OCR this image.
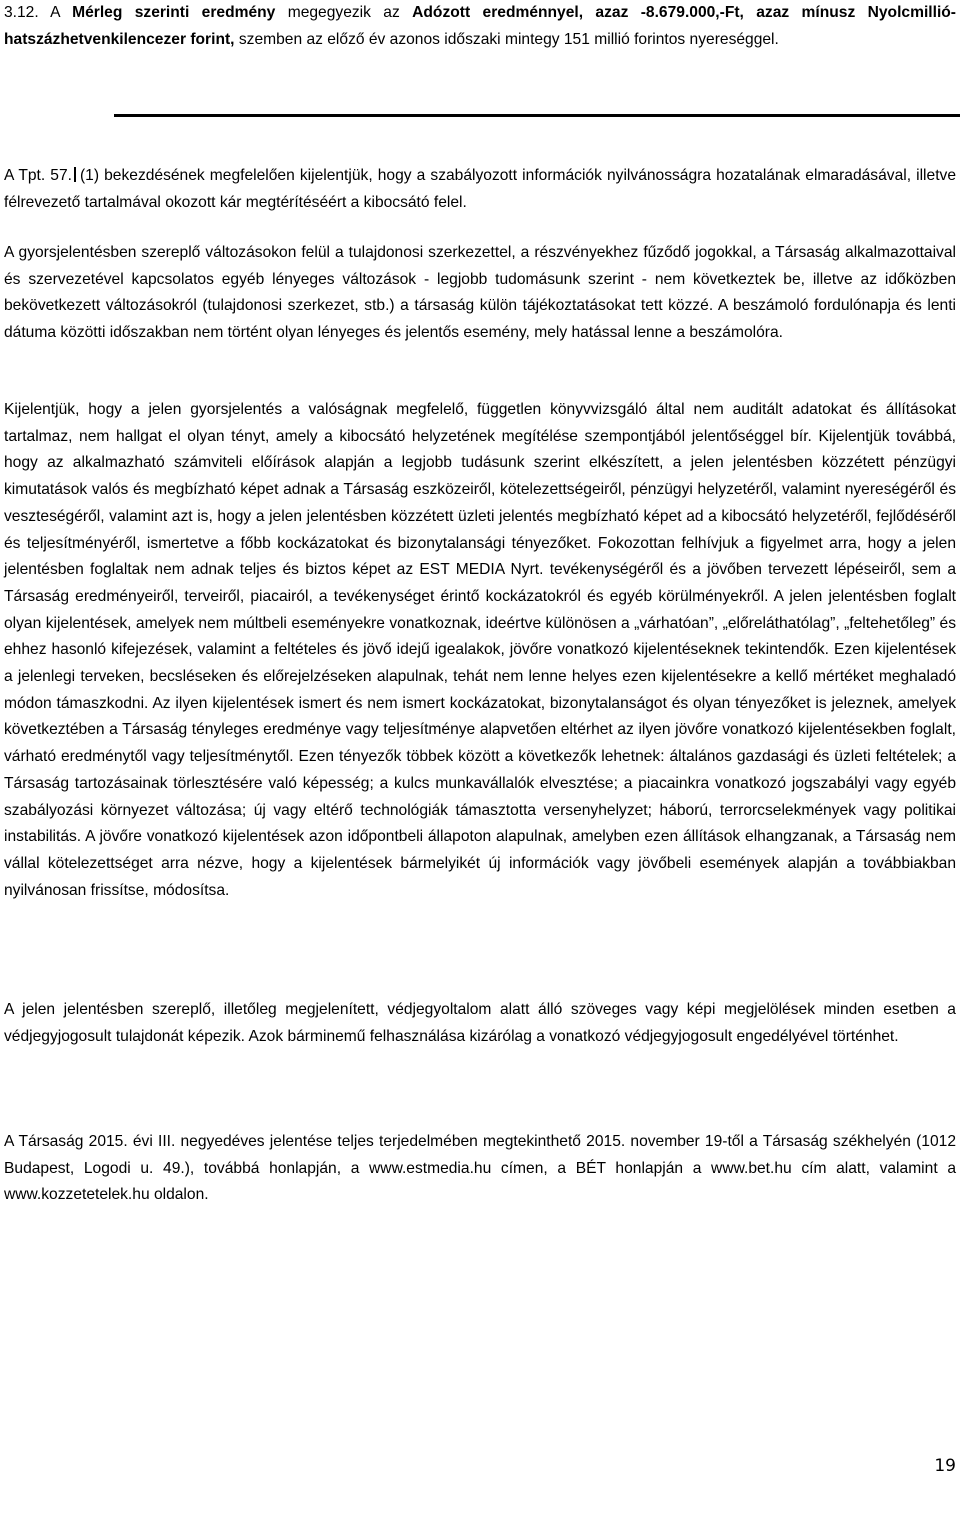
3.12. A Mérleg szerinti eredmény megegyezik az Adózott eredménnyel, azaz -8.679.000,-Ft, azaz mínusz Nyolcmillió-hatszázhetvenkilencezer forint, szemben az előző év azonos időszaki mintegy 151 millió forintos nyereséggel.

A Tpt. 57. (1) bekezdésének megfelelően kijelentjük, hogy a szabályozott információk nyilvánosságra hozatalának elmaradásával, illetve félrevezető tartalmával okozott kár megtérítéséért a kibocsátó felel.

A gyorsjelentésben szereplő változásokon felül a tulajdonosi szerkezettel, a részvényekhez fűződő jogokkal, a Társaság alkalmazottaival és szervezetével kapcsolatos egyéb lényeges változások - legjobb tudomásunk szerint - nem következtek be, illetve az időközben bekövetkezett változásokról (tulajdonosi szerkezet, stb.) a társaság külön tájékoztatásokat tett közzé. A beszámoló fordulónapja és lenti dátuma közötti időszakban nem történt olyan lényeges és jelentős esemény, mely hatással lenne a beszámolóra.

Kijelentjük, hogy a jelen gyorsjelentés a valóságnak megfelelő, független könyvvizsgáló által nem auditált adatokat és állításokat tartalmaz, nem hallgat el olyan tényt, amely a kibocsátó helyzetének megítélése szempontjából jelentőséggel bír. Kijelentjük továbbá, hogy az alkalmazható számviteli előírások alapján a legjobb tudásunk szerint elkészített, a jelen jelentésben közzétett pénzügyi kimutatások valós és megbízható képet adnak a Társaság eszközeiről, kötelezettségeiről, pénzügyi helyzetéről, valamint nyereségéről és veszteségéről, valamint azt is, hogy a jelen jelentésben közzétett üzleti jelentés megbízható képet ad a kibocsátó helyzetéről, fejlődéséről és teljesítményéről, ismertetve a főbb kockázatokat és bizonytalansági tényezőket. Fokozottan felhívjuk a figyelmet arra, hogy a jelen jelentésben foglaltak nem adnak teljes és biztos képet az EST MEDIA Nyrt. tevékenységéről és a jövőben tervezett lépéseiről, sem a Társaság eredményeiről, terveiről, piacairól, a tevékenységet érintő kockázatokról és egyéb körülményekről. A jelen jelentésben foglalt olyan kijelentések, amelyek nem múltbeli eseményekre vonatkoznak, ideértve különösen a „várhatóan”, „előreláthatólag”, „feltehetőleg” és ehhez hasonló kifejezések, valamint a feltételes és jövő idejű igealakok, jövőre vonatkozó kijelentéseknek tekintendők. Ezen kijelentések a jelenlegi terveken, becsléseken és előrejelzéseken alapulnak, tehát nem lenne helyes ezen kijelentésekre a kellő mértéket meghaladó módon támaszkodni. Az ilyen kijelentések ismert és nem ismert kockázatokat, bizonytalanságot és olyan tényezőket is jeleznek, amelyek következtében a Társaság tényleges eredménye vagy teljesítménye alapvetően eltérhet az ilyen jövőre vonatkozó kijelentésekben foglalt, várható eredménytől vagy teljesítménytől. Ezen tényezők többek között a következők lehetnek: általános gazdasági és üzleti feltételek; a Társaság tartozásainak törlesztésére való képesség; a kulcs munkavállalók elvesztése; a piacainkra vonatkozó jogszabályi vagy egyéb szabályozási környezet változása; új vagy eltérő technológiák támasztotta versenyhelyzet; háború, terrorcselekmények vagy politikai instabilitás. A jövőre vonatkozó kijelentések azon időpontbeli állapoton alapulnak, amelyben ezen állítások elhangzanak, a Társaság nem vállal kötelezettséget arra nézve, hogy a kijelentések bármelyikét új információk vagy jövőbeli események alapján a továbbiakban nyilvánosan frissítse, módosítsa.

A jelen jelentésben szereplő, illetőleg megjelenített, védjegyoltalom alatt álló szöveges vagy képi megjelölések minden esetben a védjegyjogosult tulajdonát képezik. Azok bárminemű felhasználása kizárólag a vonatkozó védjegyjogosult engedélyével történhet.

A Társaság 2015. évi III. negyedéves jelentése teljes terjedelmében megtekinthető 2015. november 19-től a Társaság székhelyén (1012 Budapest, Logodi u. 49.), továbbá honlapján, a www.estmedia.hu címen, a BÉT honlapján a www.bet.hu cím alatt, valamint a www.kozzetetelek.hu oldalon.

19
